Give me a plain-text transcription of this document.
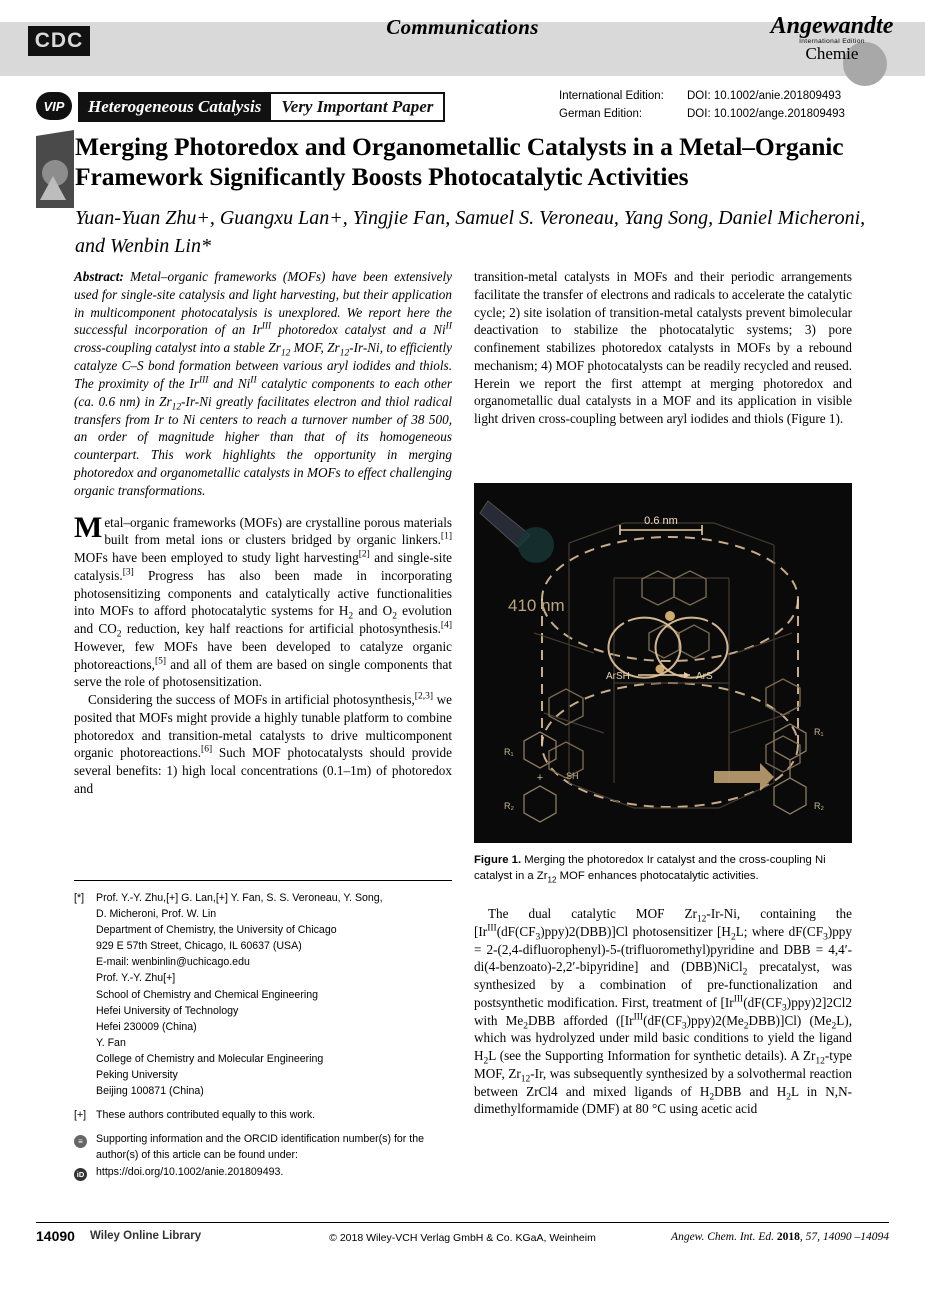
Communications
CDC
Angewandte
International Edition
Chemie
VIP	Heterogeneous Catalysis	Very Important Paper
International Edition:	DOI: 10.1002/anie.201809493
German Edition:	DOI: 10.1002/ange.201809493
Merging Photoredox and Organometallic Catalysts in a Metal–Organic Framework Significantly Boosts Photocatalytic Activities
Yuan-Yuan Zhu+, Guangxu Lan+, Yingjie Fan, Samuel S. Veroneau, Yang Song, Daniel Micheroni, and Wenbin Lin*

Abstract: Metal–organic frameworks (MOFs) have been extensively used for single-site catalysis and light harvesting, but their application in multicomponent photocatalysis is unexplored. We report here the successful incorporation of an $Ir^{III}$ photoredox catalyst and a $Ni^{II}$ cross-coupling catalyst into a stable $Zr_{12}$ MOF, $Zr_{12}-Ir-Ni$, to efficiently catalyze C–S bond formation between various aryl iodides and thiols. The proximity of the $Ir^{III}$ and $Ni^{II}$ catalytic components to each other (ca. 0.6 nm) in $Zr_{12}-Ir-Ni$ greatly facilitates electron and thiol radical transfers from Ir to Ni centers to reach a turnover number of 38 500, an order of magnitude higher than that of its homogeneous counterpart. This work highlights the opportunity in merging photoredox and organometallic catalysts in MOFs to effect challenging organic transformations.

Metal–organic frameworks (MOFs) are crystalline porous materials built from metal ions or clusters bridged by organic linkers.[1] MOFs have been employed to study light harvesting[2] and single-site catalysis.[3] Progress has also been made in incorporating photosensitizing components and catalytically active functionalities into MOFs to afford photocatalytic systems for $H_2$ and $O_2$ evolution and $CO_2$ reduction, key half reactions for artificial photosynthesis.[4] However, few MOFs have been developed to catalyze organic photoreactions,[5] and all of them are based on single components that serve the role of photosensitization.

Considering the success of MOFs in artificial photosynthesis,[2,3] we posited that MOFs might provide a highly tunable platform to combine photoredox and transition-metal catalysts to drive multicomponent organic photoreactions.[6] Such MOF photocatalysts should provide several benefits: 1) high local concentrations (0.1–1m) of photoredox and

transition-metal catalysts in MOFs and their periodic arrangements facilitate the transfer of electrons and radicals to accelerate the catalytic cycle; 2) site isolation of transition-metal catalysts prevent bimolecular deactivation to stabilize the photocatalytic systems; 3) pore confinement stabilizes photoredox catalysts in MOFs by a rebound mechanism; 4) MOF photocatalysts can be readily recycled and reused. Herein we report the first attempt at merging photoredox and organometallic dual catalysts in a MOF and its application in visible light driven cross-coupling between aryl iodides and thiols (Figure 1).

0.6 nm
410 nm
ArSH	ArS
R₁
R₂
SH
+
R₁
R₂
Figure 1. Merging the photoredox Ir catalyst and the cross-coupling Ni catalyst in a $Zr_{12}$ MOF enhances photocatalytic activities.

The dual catalytic MOF $Zr_{12}-Ir-Ni$, containing the $[Ir^{III}(dF(CF_3)ppy)2(DBB)]Cl$ photosensitizer [$H_2L$; where $dF(CF_3)ppy$ = 2-(2,4-difluorophenyl)-5-(trifluoromethyl)pyridine and DBB = 4,4′-di(4-benzoato)-2,2′-bipyridine] and (DBB)NiCl$_2$ precatalyst, was synthesized by a combination of pre-functionalization and postsynthetic modification. First, treatment of $[Ir^{III}(dF(CF_3)ppy)2]2Cl2$ with $Me_2DBB$ afforded $([Ir^{III}(dF(CF_3)ppy)2(Me_2DBB)]Cl)$ $(Me_2L)$, which was hydrolyzed under mild basic conditions to yield the ligand $H_2L$ (see the Supporting Information for synthetic details). A $Zr_{12}$-type MOF, $Zr_{12}-Ir$, was subsequently synthesized by a solvothermal reaction between ZrCl4 and mixed ligands of $H_2DBB$ and $H_2L$ in N,N-dimethylformamide (DMF) at 80 °C using acetic acid

[*]	Prof. Y.-Y. Zhu,[+] G. Lan,[+] Y. Fan, S. S. Veroneau, Y. Song,
D. Micheroni, Prof. W. Lin
Department of Chemistry, the University of Chicago
929 E 57th Street, Chicago, IL 60637 (USA)
E-mail: wenbinlin@uchicago.edu
Prof. Y.-Y. Zhu[+]
School of Chemistry and Chemical Engineering
Hefei University of Technology
Hefei 230009 (China)
Y. Fan
College of Chemistry and Molecular Engineering
Peking University
Beijing 100871 (China)
[+] These authors contributed equally to this work.
≡	Supporting information and the ORCID identification number(s) for the author(s) of this article can be found under:
iD	https://doi.org/10.1002/anie.201809493.
14090 Wiley Online Library	© 2018 Wiley-VCH Verlag GmbH & Co. KGaA, Weinheim	Angew. Chem. Int. Ed. 2018, 57, 14090 –14094
